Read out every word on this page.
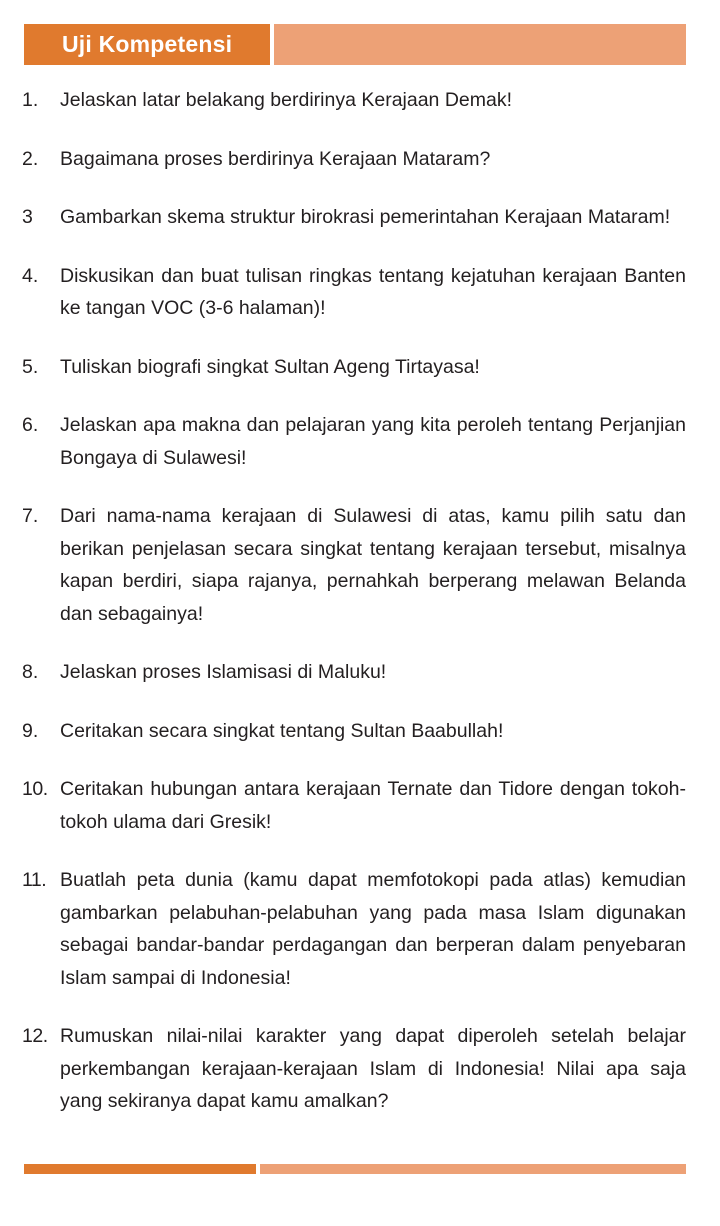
Uji Kompetensi
1.	Jelaskan latar belakang berdirinya Kerajaan Demak!
2.	Bagaimana proses berdirinya Kerajaan Mataram?
3	Gambarkan skema struktur birokrasi pemerintahan Kerajaan Mataram!
4.	Diskusikan dan buat tulisan ringkas tentang kejatuhan kerajaan Banten ke tangan VOC (3-6 halaman)!
5.	Tuliskan biografi singkat Sultan Ageng Tirtayasa!
6.	Jelaskan apa makna dan pelajaran yang kita peroleh tentang Perjanjian Bongaya di Sulawesi!
7.	Dari nama-nama kerajaan di Sulawesi di atas, kamu pilih satu dan berikan penjelasan secara singkat tentang kerajaan tersebut, misalnya kapan berdiri, siapa rajanya, pernahkah berperang melawan Belanda dan sebagainya!
8.	Jelaskan proses Islamisasi di Maluku!
9.	Ceritakan secara singkat tentang Sultan Baabullah!
10. Ceritakan hubungan antara kerajaan Ternate dan Tidore dengan tokoh-tokoh ulama dari Gresik!
11. Buatlah peta dunia (kamu dapat memfotokopi pada atlas) kemudian gambarkan pelabuhan-pelabuhan yang pada masa Islam digunakan sebagai bandar-bandar perdagangan dan berperan dalam penyebaran Islam sampai di Indonesia!
12. Rumuskan nilai-nilai karakter yang dapat diperoleh setelah belajar perkembangan kerajaan-kerajaan Islam di Indonesia! Nilai apa saja yang sekiranya dapat kamu amalkan?
